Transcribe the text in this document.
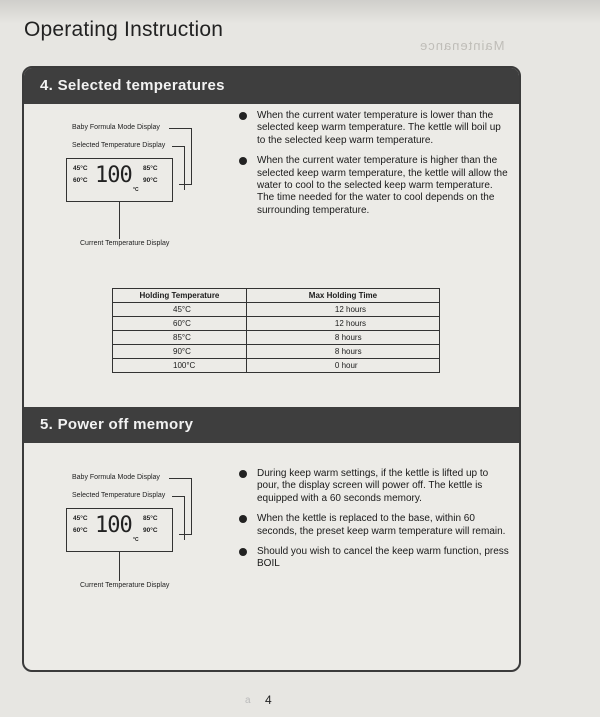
Operating Instruction
Maintenance
4. Selected temperatures
Baby Formula Mode Display
Selected Temperature Display
45°C
60°C 100
°C
85°C
90°C
Current Temperature Display

When the current water temperature is lower than the selected keep warm temperature. The kettle will boil up to the selected keep warm temperature.

When the current water temperature is higher than the selected keep warm temperature, the kettle will allow the water to cool to the selected keep warm temperature.

The time needed for the water to cool depends on the surrounding temperature.

Holding Temperature	Max Holding Time
45°C	12 hours
60°C	12 hours
85°C	8 hours
90°C	8 hours
100°C	0 hour
5. Power off memory
Baby Formula Mode Display
Selected Temperature Display
45°C
60°C 100
°C
85°C
90°C
Current Temperature Display

During keep warm settings, if the kettle is lifted up to pour, the display screen will power off. The kettle is equipped with a 60 seconds memory.

When the kettle is replaced to the base, within 60 seconds, the preset keep warm temperature will remain.

Should you wish to cancel the keep warm function, press BOIL

a 4
